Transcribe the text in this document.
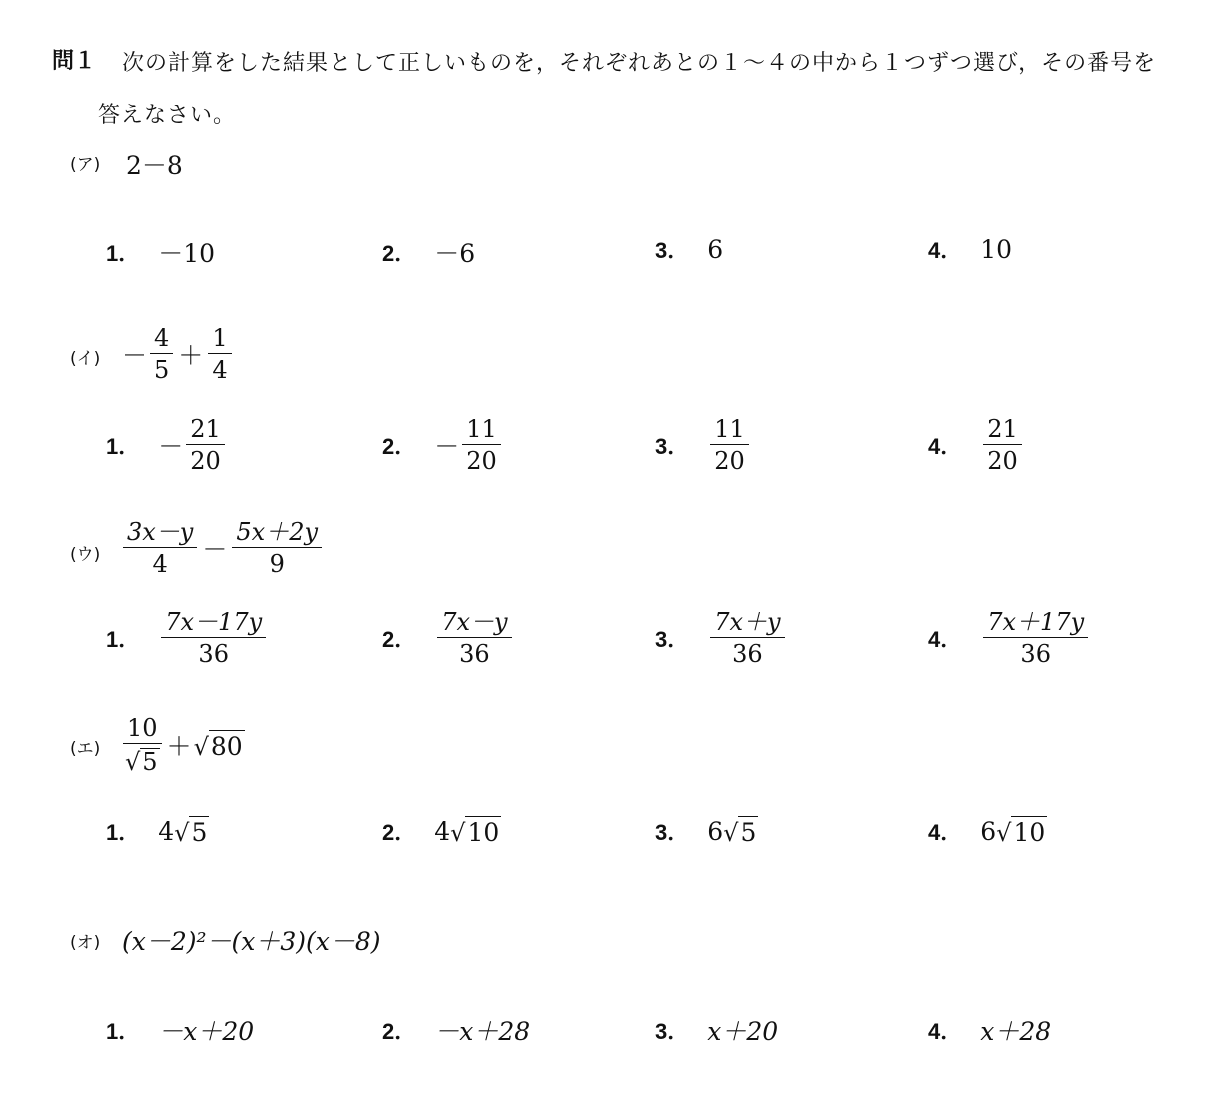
問１ 次の計算をした結果として正しいものを，それぞれあとの１～４の中から１つずつ選び，その番号を
答えなさい。
(ア) 2－8
1． －10	2． －6	3． 6	4． 10
(イ) － $\frac{4}{5} + \frac{1}{4}$
1． － $\frac{21}{20}$	2． － $\frac{11}{20}$	3． $\frac{11}{20}$	4． $\frac{21}{20}$
(ウ) $\frac{3x-y}{4} - \frac{5x+2y}{9}$
1． $\frac{7x-17y}{36}$	2． $\frac{7x-y}{36}$	3． $\frac{7x+y}{36}$	4． $\frac{7x+17y}{36}$
(エ) $\frac{10}{√ 5}$ ＋ √ 80
1． 4 √ 5	2． 4 √ 10	3． 6 √ 5	4． 6 √ 10
(オ) (x－2)²－(x＋3)(x－8)
1． －x＋20	2． －x＋28	3． x＋20	4． x＋28
